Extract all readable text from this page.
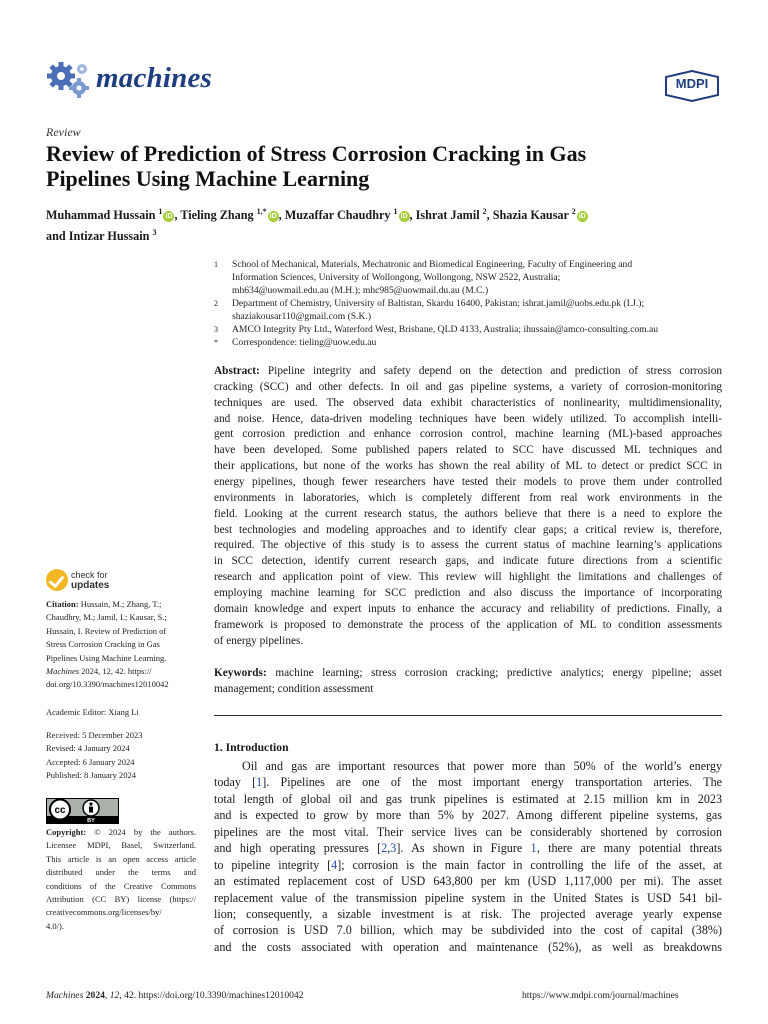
machines	MDPI
Review
Review of Prediction of Stress Corrosion Cracking in Gas
Pipelines Using Machine Learning
Muhammad Hussain $^1$iD , Tieling Zhang $^{1,*}$iD , Muzaffar Chaudhry $^1$iD , Ishrat Jamil $^2$, Shazia Kausar $^2$iD
and Intizar Hussain $^3$
1 School of Mechanical, Materials, Mechatronic and Biomedical Engineering, Faculty of Engineering and
Information Sciences, University of Wollongong, Wollongong, NSW 2522, Australia;
mh634@uowmail.edu.au (M.H.); mhc985@uowmail.du.au (M.C.)
2 Department of Chemistry, University of Baltistan, Skardu 16400, Pakistan; ishrat.jamil@uobs.edu.pk (I.J.);
shaziakousar110@gmail.com (S.K.)
3 AMCO Integrity Pty Ltd., Waterford West, Brisbane, QLD 4133, Australia; ihussain@amco-consulting.com.au
* Correspondence: tieling@uow.edu.au
Abstract: Pipeline integrity and safety depend on the detection and prediction of stress corrosion
cracking (SCC) and other defects. In oil and gas pipeline systems, a variety of corrosion-monitoring
techniques are used. The observed data exhibit characteristics of nonlinearity, multidimensionality,
and noise. Hence, data-driven modeling techniques have been widely utilized. To accomplish intelli-
gent corrosion prediction and enhance corrosion control, machine learning (ML)-based approaches
have been developed. Some published papers related to SCC have discussed ML techniques and
their applications, but none of the works has shown the real ability of ML to detect or predict SCC in
energy pipelines, though fewer researchers have tested their models to prove them under controlled
environments in laboratories, which is completely different from real work environments in the
field. Looking at the current research status, the authors believe that there is a need to explore the
best technologies and modeling approaches and to identify clear gaps; a critical review is, therefore,
required. The objective of this study is to assess the current status of machine learning’s applications
in SCC detection, identify current research gaps, and indicate future directions from a scientific
research and application point of view. This review will highlight the limitations and challenges of
employing machine learning for SCC prediction and also discuss the importance of incorporating
domain knowledge and expert inputs to enhance the accuracy and reliability of predictions. Finally, a
framework is proposed to demonstrate the process of the application of ML to condition assessments
of energy pipelines.
Keywords: machine learning; stress corrosion cracking; predictive analytics; energy pipeline; asset
management; condition assessment
1. Introduction
Oil and gas are important resources that power more than 50% of the world’s energy
today [1]. Pipelines are one of the most important energy transportation arteries. The
total length of global oil and gas trunk pipelines is estimated at 2.15 million km in 2023
and is expected to grow by more than 5% by 2027. Among different pipeline systems, gas
pipelines are the most vital. Their service lives can be considerably shortened by corrosion
and high operating pressures [2,3]. As shown in Figure 1, there are many potential threats
to pipeline integrity [4]; corrosion is the main factor in controlling the life of the asset, at
an estimated replacement cost of USD 643,800 per km (USD 1,117,000 per mi). The asset
replacement value of the transmission pipeline system in the United States is USD 541 bil-
lion; consequently, a sizable investment is at risk. The projected average yearly expense
of corrosion is USD 7.0 billion, which may be subdivided into the cost of capital (38%)
and the costs associated with operation and maintenance (52%), as well as breakdowns
check for
updates
Citation: Hussain, M.; Zhang, T.;
Chaudhry, M.; Jamil, I.; Kausar, S.;
Hussain, I. Review of Prediction of
Stress Corrosion Cracking in Gas
Pipelines Using Machine Learning.
Machines 2024, 12, 42. https://
doi.org/10.3390/machines12010042
Academic Editor: Xiang Li
Received: 5 December 2023
Revised: 4 January 2024
Accepted: 6 January 2024
Published: 8 January 2024
cc
BY
Copyright: © 2024 by the authors.
Licensee MDPI, Basel, Switzerland.
This article is an open access article
distributed under the terms and
conditions of the Creative Commons
Attribution (CC BY) license (https://
creativecommons.org/licenses/by/
4.0/).
Machines 2024, 12, 42. https://doi.org/10.3390/machines12010042	https://www.mdpi.com/journal/machines
